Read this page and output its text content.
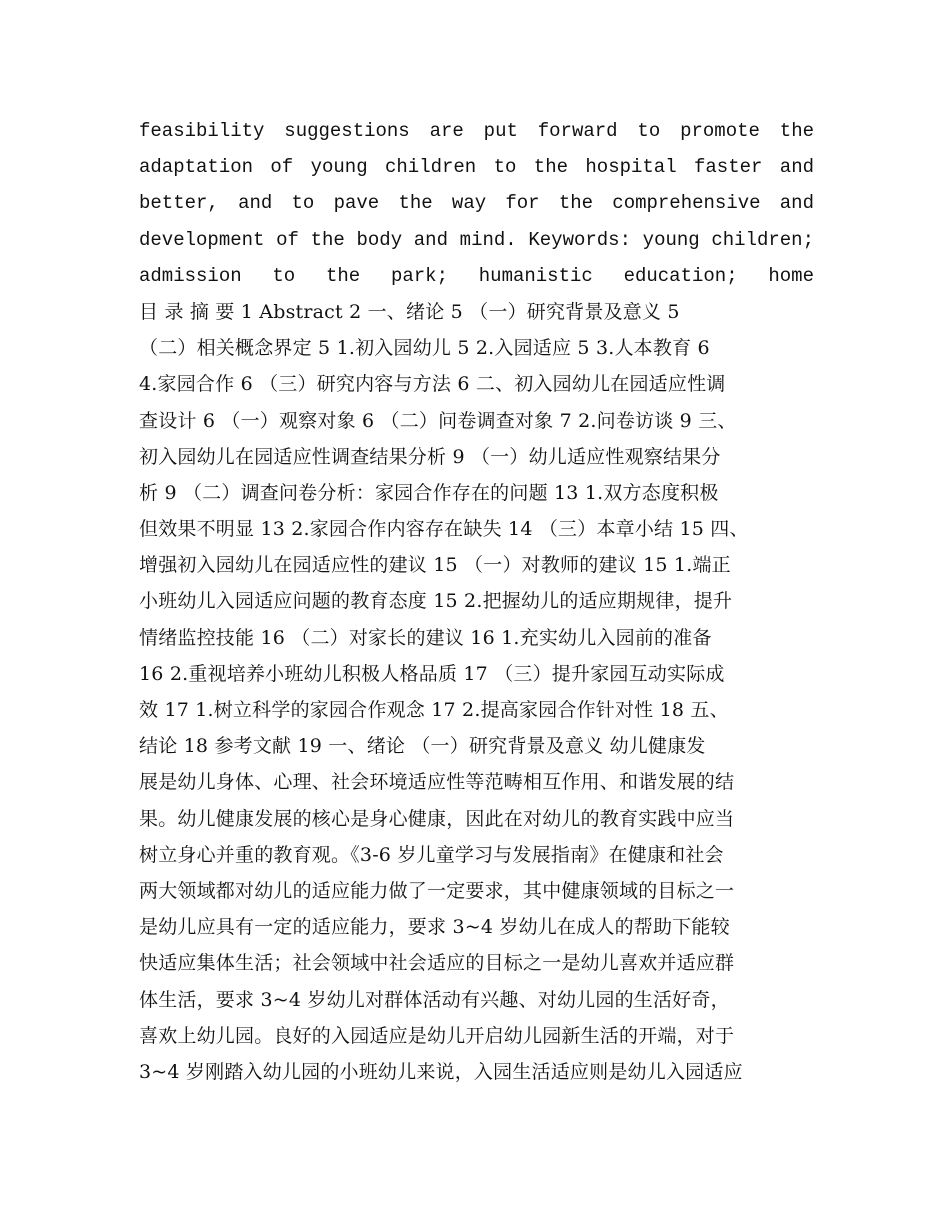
feasibility suggestions are put forward to promote the
adaptation of young children to the hospital faster and
better, and to pave the way for the comprehensive and
development of the body and mind. Keywords: young children;
admission to the park; humanistic education; home
目 录 摘 要 1 Abstract 2 一、绪论 5 （一）研究背景及意义 5
（二）相关概念界定 5 1.初入园幼儿 5 2.入园适应 5 3.人本教育 6
4.家园合作 6 （三）研究内容与方法 6 二、初入园幼儿在园适应性调
查设计 6 （一）观察对象 6 （二）问卷调查对象 7 2.问卷访谈 9 三、
初入园幼儿在园适应性调查结果分析 9 （一）幼儿适应性观察结果分
析 9 （二）调查问卷分析：家园合作存在的问题 13 1.双方态度积极
但效果不明显 13 2.家园合作内容存在缺失 14 （三）本章小结 15 四、
增强初入园幼儿在园适应性的建议 15 （一）对教师的建议 15 1.端正
小班幼儿入园适应问题的教育态度 15 2.把握幼儿的适应期规律，提升
情绪监控技能 16 （二）对家长的建议 16 1.充实幼儿入园前的准备
16 2.重视培养小班幼儿积极人格品质 17 （三）提升家园互动实际成
效 17 1.树立科学的家园合作观念 17 2.提高家园合作针对性 18 五、
结论 18 参考文献 19 一、绪论 （一）研究背景及意义 幼儿健康发
展是幼儿身体、心理、社会环境适应性等范畴相互作用、和谐发展的结
果。幼儿健康发展的核心是身心健康，因此在对幼儿的教育实践中应当
树立身心并重的教育观。《3-6 岁儿童学习与发展指南》在健康和社会
两大领域都对幼儿的适应能力做了一定要求，其中健康领域的目标之一
是幼儿应具有一定的适应能力，要求 3~4 岁幼儿在成人的帮助下能较
快适应集体生活；社会领域中社会适应的目标之一是幼儿喜欢并适应群
体生活，要求 3~4 岁幼儿对群体活动有兴趣、对幼儿园的生活好奇，
喜欢上幼儿园。良好的入园适应是幼儿开启幼儿园新生活的开端，对于
3~4 岁刚踏入幼儿园的小班幼儿来说，入园生活适应则是幼儿入园适应
